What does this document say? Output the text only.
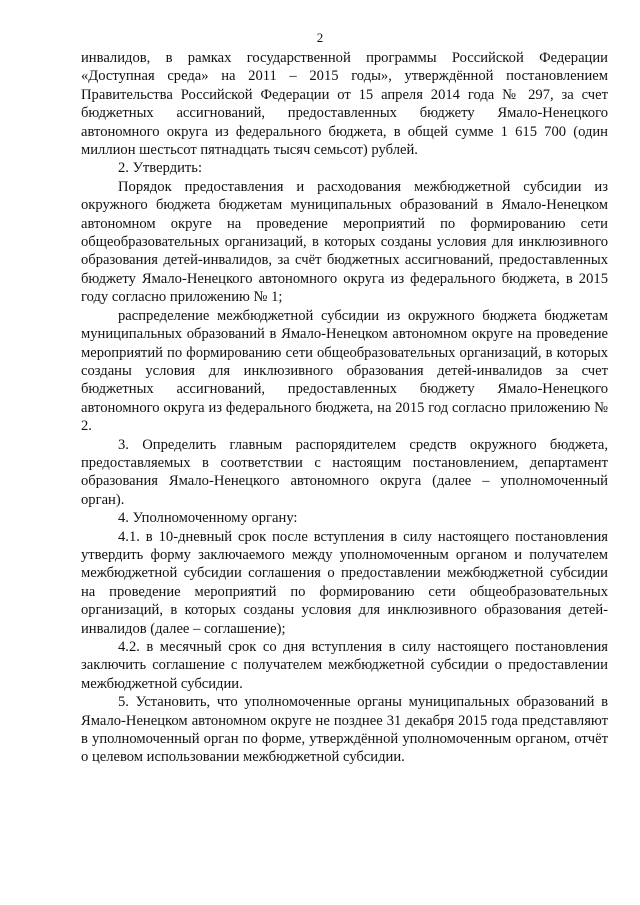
2

инвалидов, в рамках государственной программы Российской Федерации «Доступная среда» на 2011 – 2015 годы», утверждённой постановлением Правительства Российской Федерации от 15 апреля 2014 года № 297, за счет бюджетных ассигнований, предоставленных бюджету Ямало-Ненецкого автономного округа из федерального бюджета, в общей сумме 1 615 700 (один миллион шестьсот пятнадцать тысяч семьсот) рублей.

2. Утвердить:

Порядок предоставления и расходования межбюджетной субсидии из окружного бюджета бюджетам муниципальных образований в Ямало-Ненецком автономном округе на проведение мероприятий по формированию сети общеобразовательных организаций, в которых созданы условия для инклюзивного образования детей-инвалидов, за счёт бюджетных ассигнований, предоставленных бюджету Ямало-Ненецкого автономного округа из федерального бюджета, в 2015 году согласно приложению № 1;

распределение межбюджетной субсидии из окружного бюджета бюджетам муниципальных образований в Ямало-Ненецком автономном округе на проведение мероприятий по формированию сети общеобразовательных организаций, в которых созданы условия для инклюзивного образования детей-инвалидов за счет бюджетных ассигнований, предоставленных бюджету Ямало-Ненецкого автономного округа из федерального бюджета, на 2015 год согласно приложению № 2.

3. Определить главным распорядителем средств окружного бюджета, предоставляемых в соответствии с настоящим постановлением, департамент образования Ямало-Ненецкого автономного округа (далее – уполномоченный орган).

4. Уполномоченному органу:

4.1. в 10-дневный срок после вступления в силу настоящего постановления утвердить форму заключаемого между уполномоченным органом и получателем межбюджетной субсидии соглашения о предоставлении межбюджетной субсидии на проведение мероприятий по формированию сети общеобразовательных организаций, в которых созданы условия для инклюзивного образования детей-инвалидов (далее – соглашение);

4.2. в месячный срок со дня вступления в силу настоящего постановления заключить соглашение с получателем межбюджетной субсидии о предоставлении межбюджетной субсидии.

5. Установить, что уполномоченные органы муниципальных образований в Ямало-Ненецком автономном округе не позднее 31 декабря 2015 года представляют в уполномоченный орган по форме, утверждённой уполномоченным органом, отчёт о целевом использовании межбюджетной субсидии.
